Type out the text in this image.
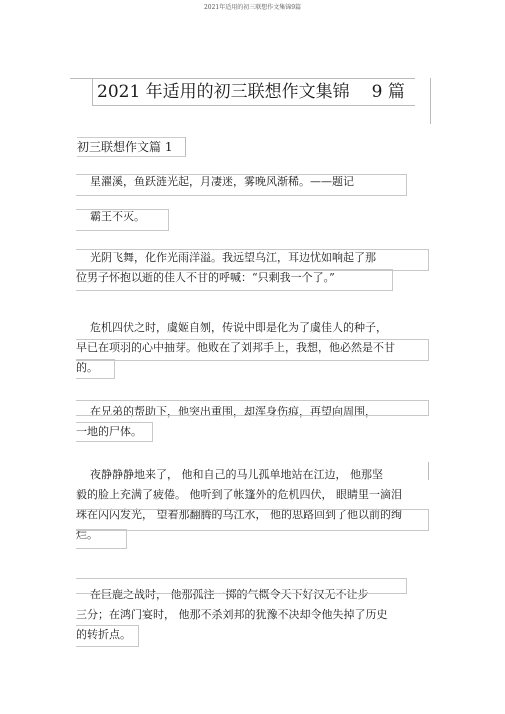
2021年适用的初三联想作文集锦9篇
2021 年适用的初三联想作文集锦 9 篇
初三联想作文篇 1
星濯溪，鱼跃涟光起，月凄迷，雾晚风渐稀。——题记
霸王不灭。
光阴飞舞，化作光雨洋溢。我远望乌江，耳边忧如响起了那
位男子怀抱以逝的佳人不甘的呼喊：“只剩我一个了。”
危机四伏之时，虞姬自刎，传说中即是化为了虞佳人的种子，
早已在项羽的心中抽芽。他败在了刘邦手上，我想，他必然是不甘
的。
在兄弟的帮助下，他突出重围，却浑身伤痕，再望向周围，
一地的尸体。
夜静静静地来了， 他和自己的马儿孤单地站在江边， 他那坚
毅的脸上充满了疲倦。 他听到了帐篷外的危机四伏， 眼睛里一滴泪
珠在闪闪发光， 望着那翻腾的乌江水， 他的思路回到了他以前的绚
烂。
在巨鹿之战时， 他那孤注一掷的气概令天下好汉无不让步
三分；在鸿门宴时， 他那不杀刘邦的犹豫不决却令他失掉了历史
的转折点。
